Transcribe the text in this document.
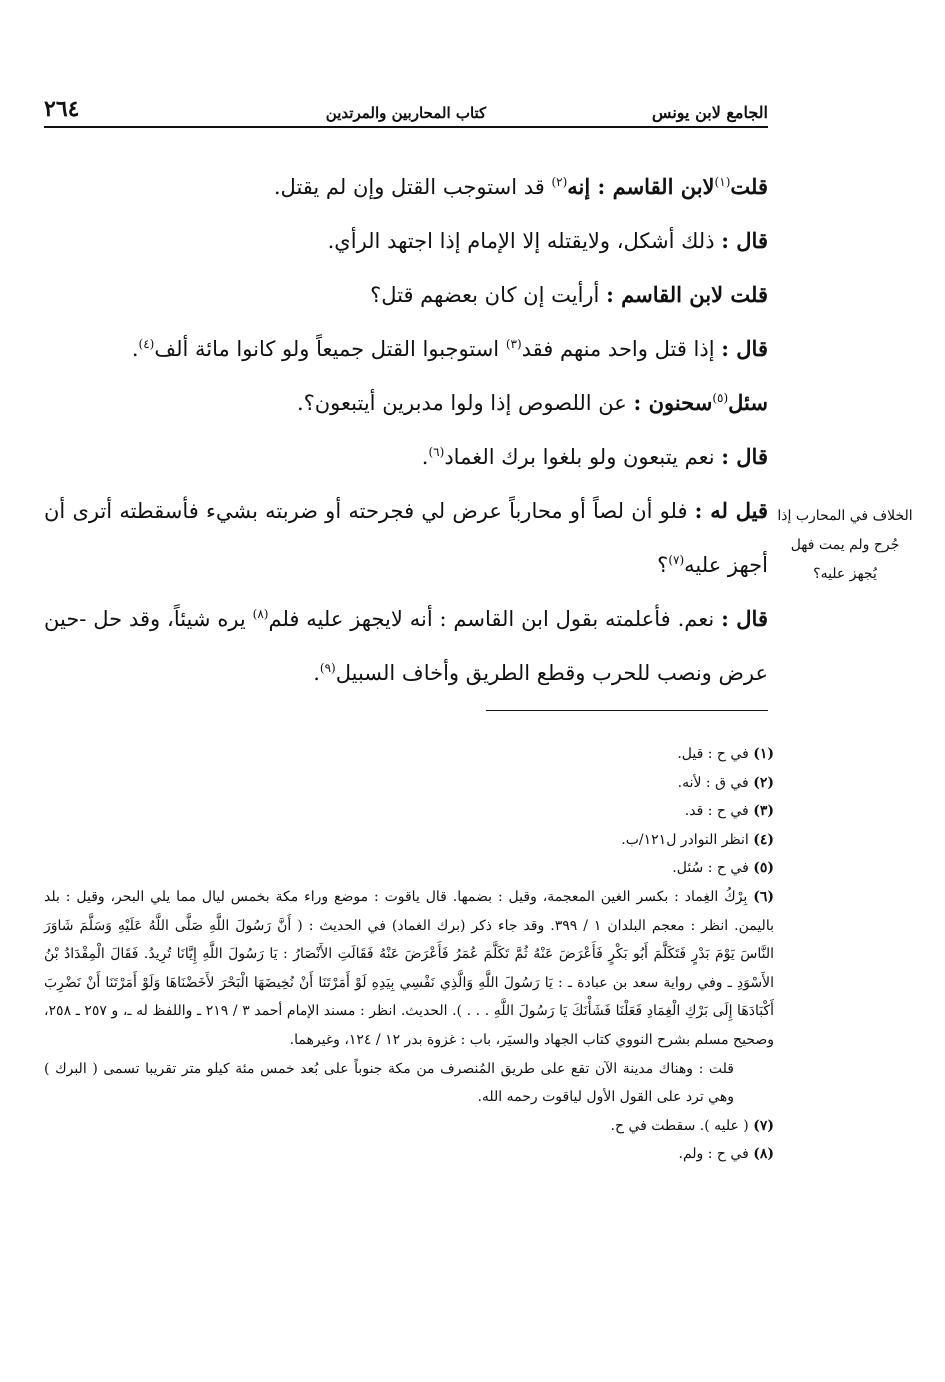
الجامع لابن يونس
كتاب المحاربين والمرتدين
٢٦٤

قلت$^{(١)}$لابن القاسم : إنه$^{(٢)}$ قد استوجب القتل وإن لم يقتل.

قال : ذلك أشكل، ولايقتله إلا الإمام إذا اجتهد الرأي.

قلت لابن القاسم : أرأيت إن كان بعضهم قتل؟

قال : إذا قتل واحد منهم فقد$^{(٣)}$ استوجبوا القتل جميعاً ولو كانوا مائة ألف$^{(٤)}$.

سئل$^{(٥)}$سحنون : عن اللصوص إذا ولوا مدبرين أيتبعون؟.

قال : نعم يتبعون ولو بلغوا برك الغماد$^{(٦)}$.

قيل له : فلو أن لصاً أو محارباً عرض لي فجرحته أو ضربته بشيء فأسقطته أترى أن أجهز عليه$^{(٧)}$؟

قال : نعم. فأعلمته بقول ابن القاسم : أنه لايجهز عليه فلم$^{(٨)}$ يره شيئاً، وقد حل -حين عرض ونصب للحرب وقطع الطريق وأخاف السبيل$^{(٩)}$.

الخلاف في المحارب إذا
جُرح ولم يمت فهل
يُجهز عليه؟

(١) في ح : قيل.

(٢) في ق : لأنه.

(٣) في ح : قد.

(٤) انظر النوادر ل١٢١/ب.

(٥) في ح : سُئل.

(٦) بِرْكُ الغِماد : بكسر الغين المعجمة، وقيل : بضمها. قال ياقوت : موضع وراء مكة بخمس ليال مما يلي البحر، وقيل : بلد باليمن. انظر : معجم البلدان ١ / ٣٩٩. وقد جاء ذكر (برك الغماد) في الحديث : ( أَنَّ رَسُولَ اللَّهِ صَلَّى اللَّهُ عَلَيْهِ وَسَلَّمَ شَاوَرَ النَّاسَ يَوْمَ بَدْرٍ فَتَكَلَّمَ أَبُو بَكْرٍ فَأَعْرَضَ عَنْهُ ثُمَّ تَكَلَّمَ عُمَرُ فَأَعْرَضَ عَنْهُ فَقَالَتِ الأَنْصَارُ : يَا رَسُولَ اللَّهِ إِيَّانَا تُرِيدُ. فَقَالَ الْمِقْدَادُ بْنُ الأَسْوَدِ ـ وفي رواية سعد بن عبادة ـ : يَا رَسُولَ اللَّهِ وَالَّذِي نَفْسِي بِيَدِهِ لَوْ أَمَرْتَنَا أَنْ نُخِيضَهَا الْبَحْرَ لأَخَضْنَاهَا وَلَوْ أَمَرْتَنَا أَنْ نَضْرِبَ أَكْبَادَهَا إِلَى بَرْكِ الْغِمَادِ فَعَلْنَا فَشَأْنَكَ يَا رَسُولَ اللَّهِ . . . ). الحديث. انظر : مسند الإمام أحمد ٣ / ٢١٩ ـ واللفظ له ـ، و ٢٥٧ ـ ٢٥٨، وصحيح مسلم بشرح النووي كتاب الجهاد والسيَر، باب : غزوة بدر ١٢ / ١٢٤، وغيرهما.

قلت : وهناك مدينة الآن تقع على طريق المُنصرف من مكة جنوباً على بُعد خمس مئة كيلو متر تقريبا تسمى ( البرك ) وهي ترد على القول الأول لياقوت رحمه الله.

(٧) ( عليه ). سقطت في ح.

(٨) في ح : ولم.
